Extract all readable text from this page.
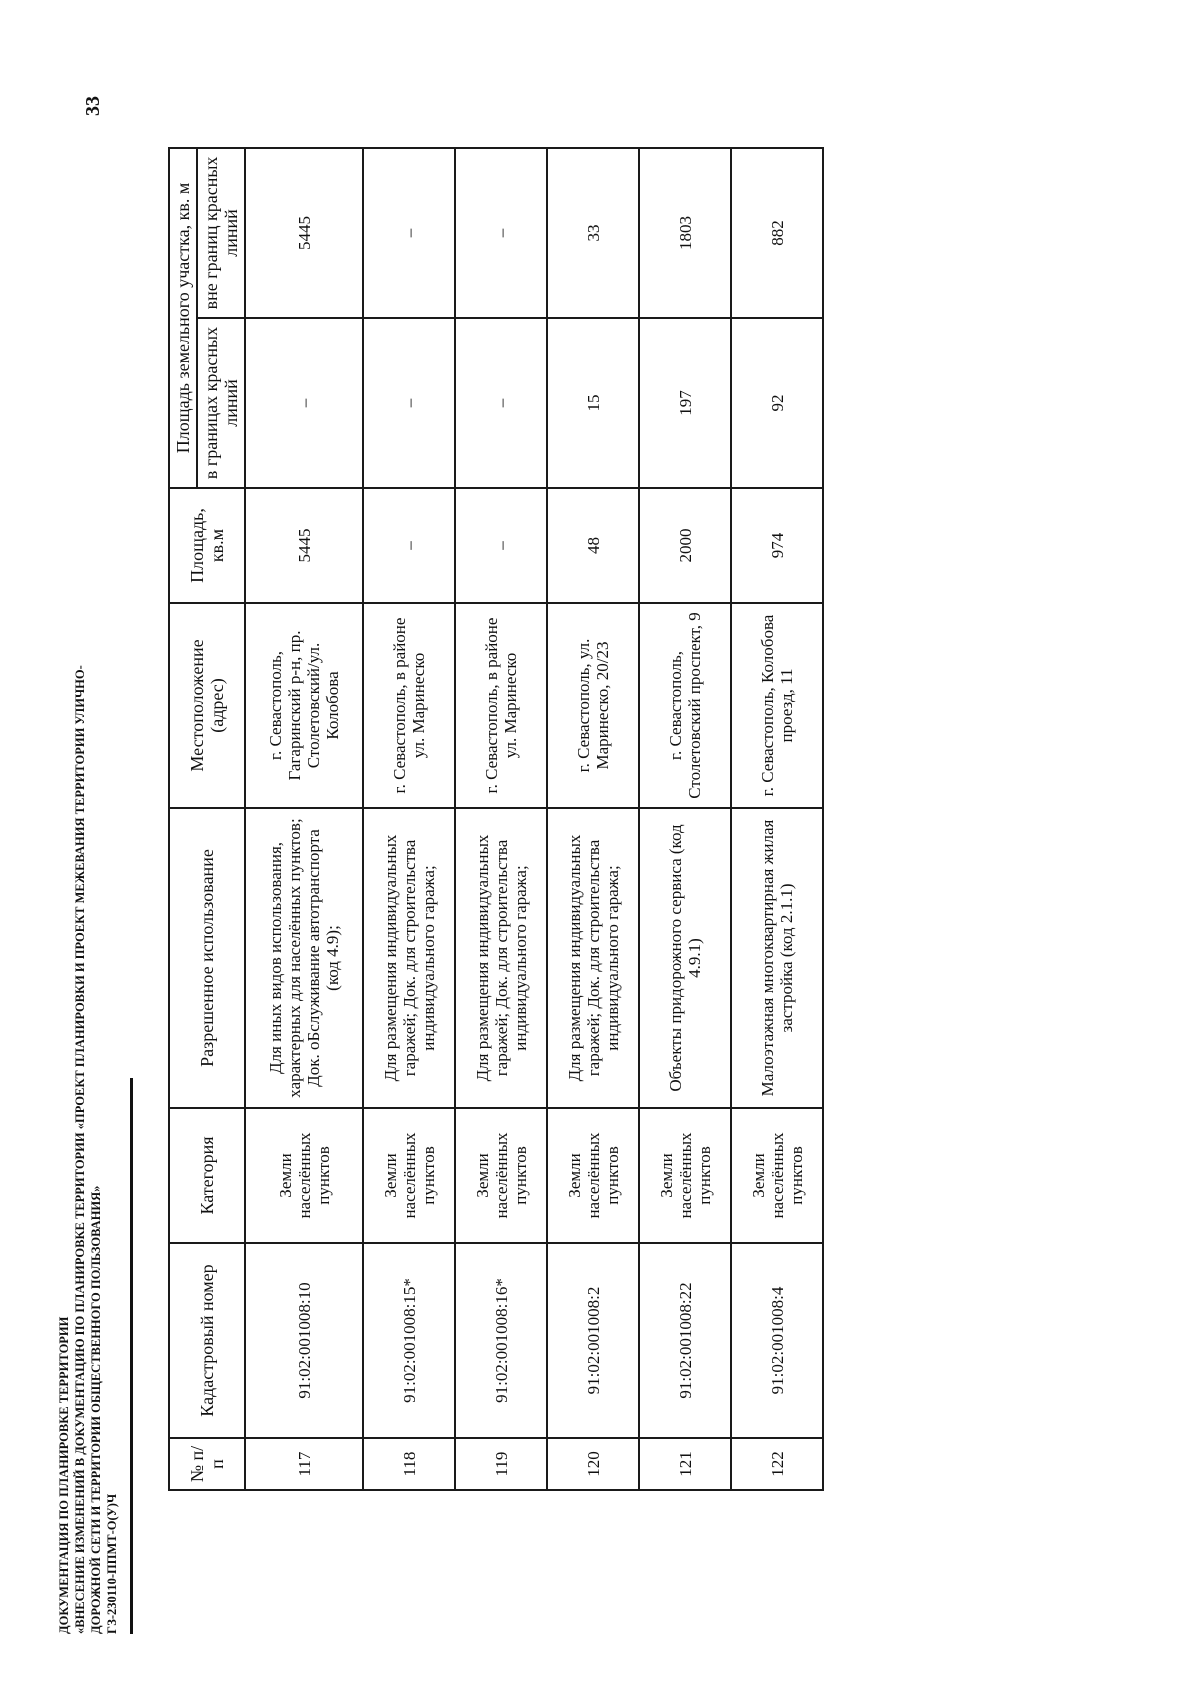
33
ДОКУМЕНТАЦИЯ ПО ПЛАНИРОВКЕ ТЕРРИТОРИИ «ВНЕСЕНИЕ ИЗМЕНЕНИЙ В ДОКУМЕНТАЦИЮ ПО ПЛАНИРОВКЕ ТЕРРИТОРИИ «ПРОЕКТ ПЛАНИРОВКИ И ПРОЕКТ МЕЖЕВАНИЯ ТЕРРИТОРИИ УЛИЧНО- ДОРОЖНОЙ СЕТИ И ТЕРРИТОРИИ ОБЩЕСТВЕННОГО ПОЛЬЗОВАНИЯ» ГЗ-230110-ППМТ-О(У)Ч
№ п/п	Кадастровый номер	Категория	Разрешенное использование	Местоположение (адрес)	Площадь, кв.м	Площадь земельного участка, кв. м	
						в границах красных линий	вне границ красных линий
117	91:02:001008:10	Земли населённых пунктов	Для иных видов использования, характерных для населённых пунктов; Док. оБслуживание автотранспорта (код 4.9);	г. Севастополь, Гагаринский р-н, пр. Столетовский/ул. Колобова	5445	–	5445
118	91:02:001008:15*	Земли населённых пунктов	Для размещения индивидуальных гаражей; Док. для строительства индивидуального гаража;	г. Севастополь, в районе ул. Маринеско	–	–	–
119	91:02:001008:16*	Земли населённых пунктов	Для размещения индивидуальных гаражей; Док. для строительства индивидуального гаража;	г. Севастополь, в районе ул. Маринеско	–	–	–
120	91:02:001008:2	Земли населённых пунктов	Для размещения индивидуальных гаражей; Док. для строительства индивидуального гаража;	г. Севастополь, ул. Маринеско, 20/23	48	15	33
121	91:02:001008:22	Земли населённых пунктов	Объекты придорожного сервиса (код 4.9.1)	г. Севастополь, Столетовский проспект, 9	2000	197	1803
122	91:02:001008:4	Земли населённых пунктов	Малоэтажная многоквартирная жилая застройка (код 2.1.1)	г. Севастополь, Колобова проезд, 11	974	92	882
